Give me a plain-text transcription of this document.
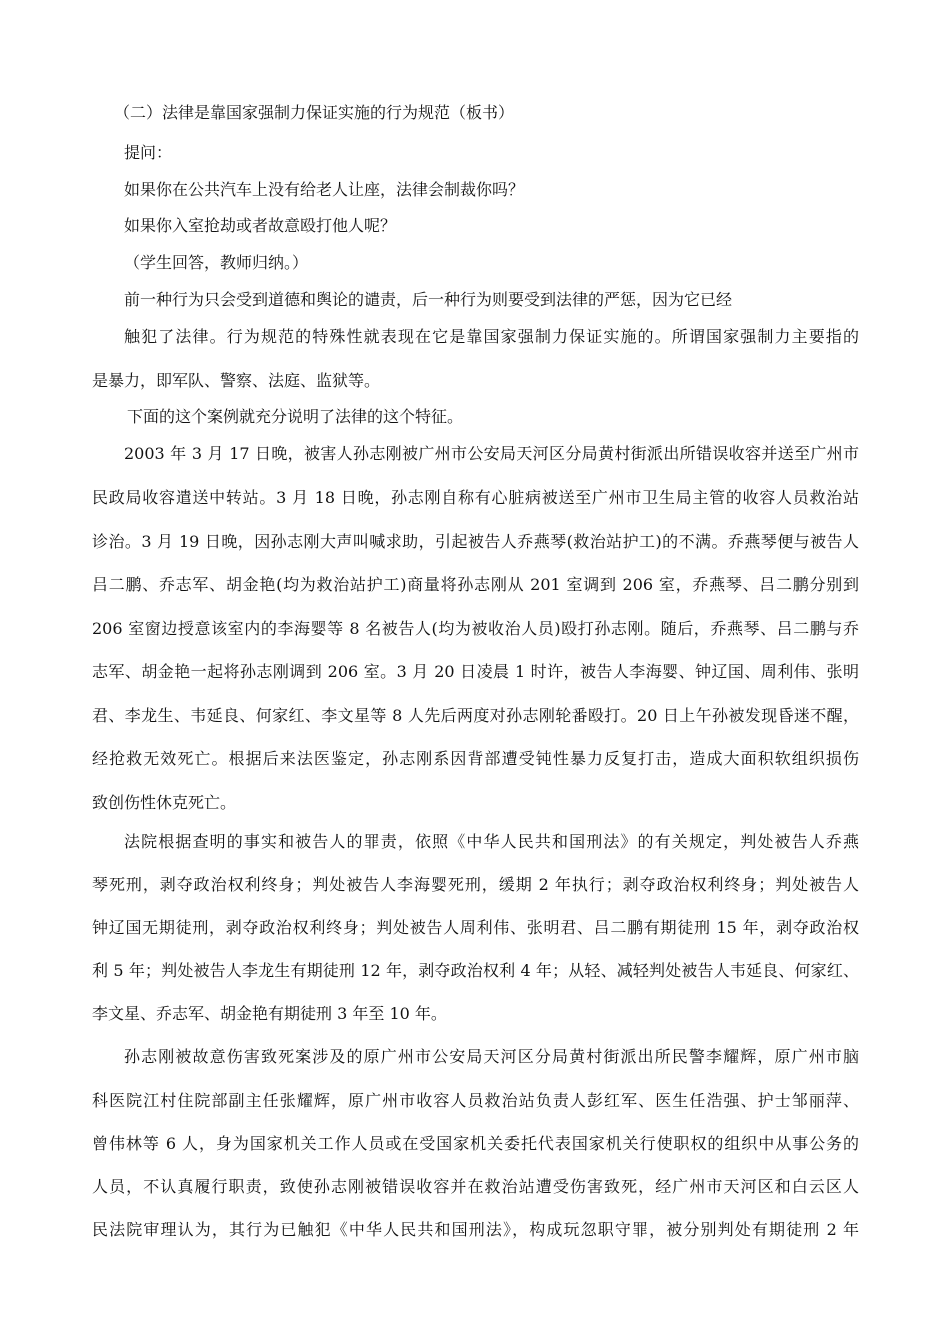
（二）法律是靠国家强制力保证实施的行为规范（板书）
提问：
如果你在公共汽车上没有给老人让座，法律会制裁你吗？
如果你入室抢劫或者故意殴打他人呢？
（学生回答，教师归纳。）
前一种行为只会受到道德和舆论的谴责，后一种行为则要受到法律的严惩，因为它已经
触犯了法律。行为规范的特殊性就表现在它是靠国家强制力保证实施的。所谓国家强制力主要指的
是暴力，即军队、警察、法庭、监狱等。
下面的这个案例就充分说明了法律的这个特征。
2003 年 3 月 17 日晚，被害人孙志刚被广州市公安局天河区分局黄村街派出所错误收容并送至广州市
民政局收容遣送中转站。3 月 18 日晚，孙志刚自称有心脏病被送至广州市卫生局主管的收容人员救治站
诊治。3 月 19 日晚，因孙志刚大声叫喊求助，引起被告人乔燕琴(救治站护工)的不满。乔燕琴便与被告人
吕二鹏、乔志军、胡金艳(均为救治站护工)商量将孙志刚从 201 室调到 206 室，乔燕琴、吕二鹏分别到
206 室窗边授意该室内的李海婴等 8 名被告人(均为被收治人员)殴打孙志刚。随后，乔燕琴、吕二鹏与乔
志军、胡金艳一起将孙志刚调到 206 室。3 月 20 日凌晨 1 时许，被告人李海婴、钟辽国、周利伟、张明
君、李龙生、韦延良、何家红、李文星等 8 人先后两度对孙志刚轮番殴打。20 日上午孙被发现昏迷不醒，
经抢救无效死亡。根据后来法医鉴定，孙志刚系因背部遭受钝性暴力反复打击，造成大面积软组织损伤
致创伤性休克死亡。
法院根据查明的事实和被告人的罪责，依照《中华人民共和国刑法》的有关规定，判处被告人乔燕
琴死刑，剥夺政治权利终身；判处被告人李海婴死刑，缓期 2 年执行；剥夺政治权利终身；判处被告人
钟辽国无期徒刑，剥夺政治权利终身；判处被告人周利伟、张明君、吕二鹏有期徒刑 15 年，剥夺政治权
利 5 年；判处被告人李龙生有期徒刑 12 年，剥夺政治权利 4 年；从轻、减轻判处被告人韦延良、何家红、
李文星、乔志军、胡金艳有期徒刑 3 年至 10 年。
孙志刚被故意伤害致死案涉及的原广州市公安局天河区分局黄村街派出所民警李耀辉，原广州市脑
科医院江村住院部副主任张耀辉，原广州市收容人员救治站负责人彭红军、医生任浩强、护士邹丽萍、
曾伟林等 6 人，身为国家机关工作人员或在受国家机关委托代表国家机关行使职权的组织中从事公务的
人员，不认真履行职责，致使孙志刚被错误收容并在救治站遭受伤害致死，经广州市天河区和白云区人
民法院审理认为，其行为已触犯《中华人民共和国刑法》，构成玩忽职守罪，被分别判处有期徒刑 2 年
